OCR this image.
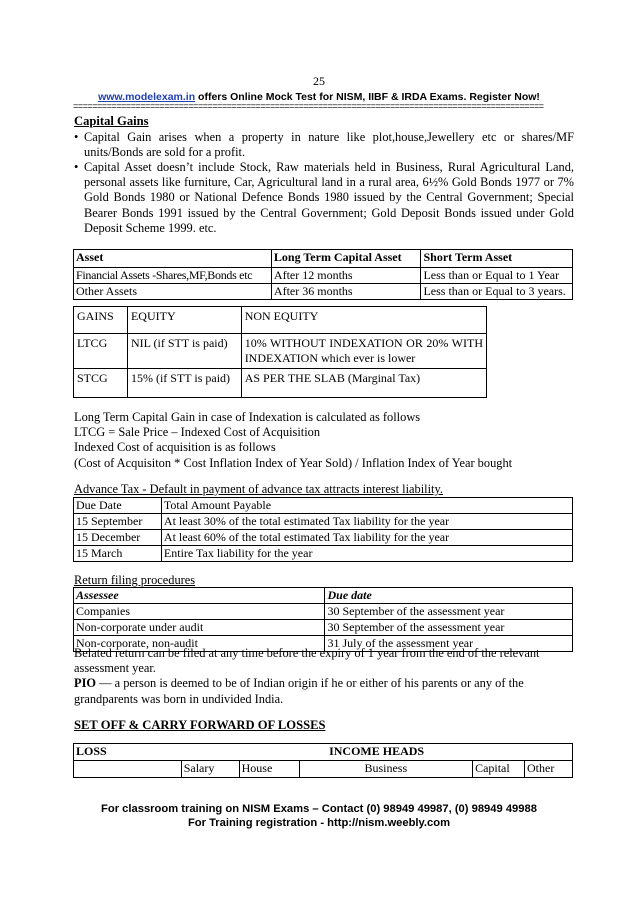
25
www.modelexam.in offers Online Mock Test for NISM, IIBF & IRDA Exams. Register Now!
==================================================================================================
Capital Gains
• Capital Gain arises when a property in nature like plot,house,Jewellery etc or shares/MF units/Bonds are sold for a profit.
• Capital Asset doesn’t include Stock, Raw materials held in Business, Rural Agricultural Land, personal assets like furniture, Car, Agricultural land in a rural area, 6½% Gold Bonds 1977 or 7% Gold Bonds 1980 or National Defence Bonds 1980 issued by the Central Government; Special Bearer Bonds 1991 issued by the Central Government; Gold Deposit Bonds issued under Gold Deposit Scheme 1999. etc.
Asset	Long Term Capital Asset	Short Term Asset
Financial Assets -Shares,MF,Bonds etc	After 12 months	Less than or Equal to 1 Year
Other Assets	After 36 months	Less than or Equal to 3 years.
GAINS	EQUITY	NON EQUITY
LTCG	NIL (if STT is paid)	10% WITHOUT INDEXATION OR 20% WITH INDEXATION which ever is lower
STCG	15% (if STT is paid)	AS PER THE SLAB (Marginal Tax)
Long Term Capital Gain in case of Indexation is calculated as follows
LTCG = Sale Price – Indexed Cost of Acquisition
Indexed Cost of acquisition is as follows
(Cost of Acquisiton * Cost Inflation Index of Year Sold) / Inflation Index of Year bought
Advance Tax - Default in payment of advance tax attracts interest liability.
Due Date	Total Amount Payable
15 September	At least 30% of the total estimated Tax liability for the year
15 December	At least 60% of the total estimated Tax liability for the year
15 March	Entire Tax liability for the year
Return filing procedures
Assessee	Due date
Companies	30 September of the assessment year
Non-corporate under audit	30 September of the assessment year
Non-corporate, non-audit	31 July of the assessment year
Belated return can be filed at any time before the expiry of 1 year from the end of the relevant assessment year.
PIO — a person is deemed to be of Indian origin if he or either of his parents or any of the grandparents was born in undivided India.
SET OFF & CARRY FORWARD OF LOSSES
LOSS	INCOME HEADS				
	Salary	House	Business	Capital	Other
For classroom training on NISM Exams – Contact (0) 98949 49987, (0) 98949 49988
For Training registration - http://nism.weebly.com
